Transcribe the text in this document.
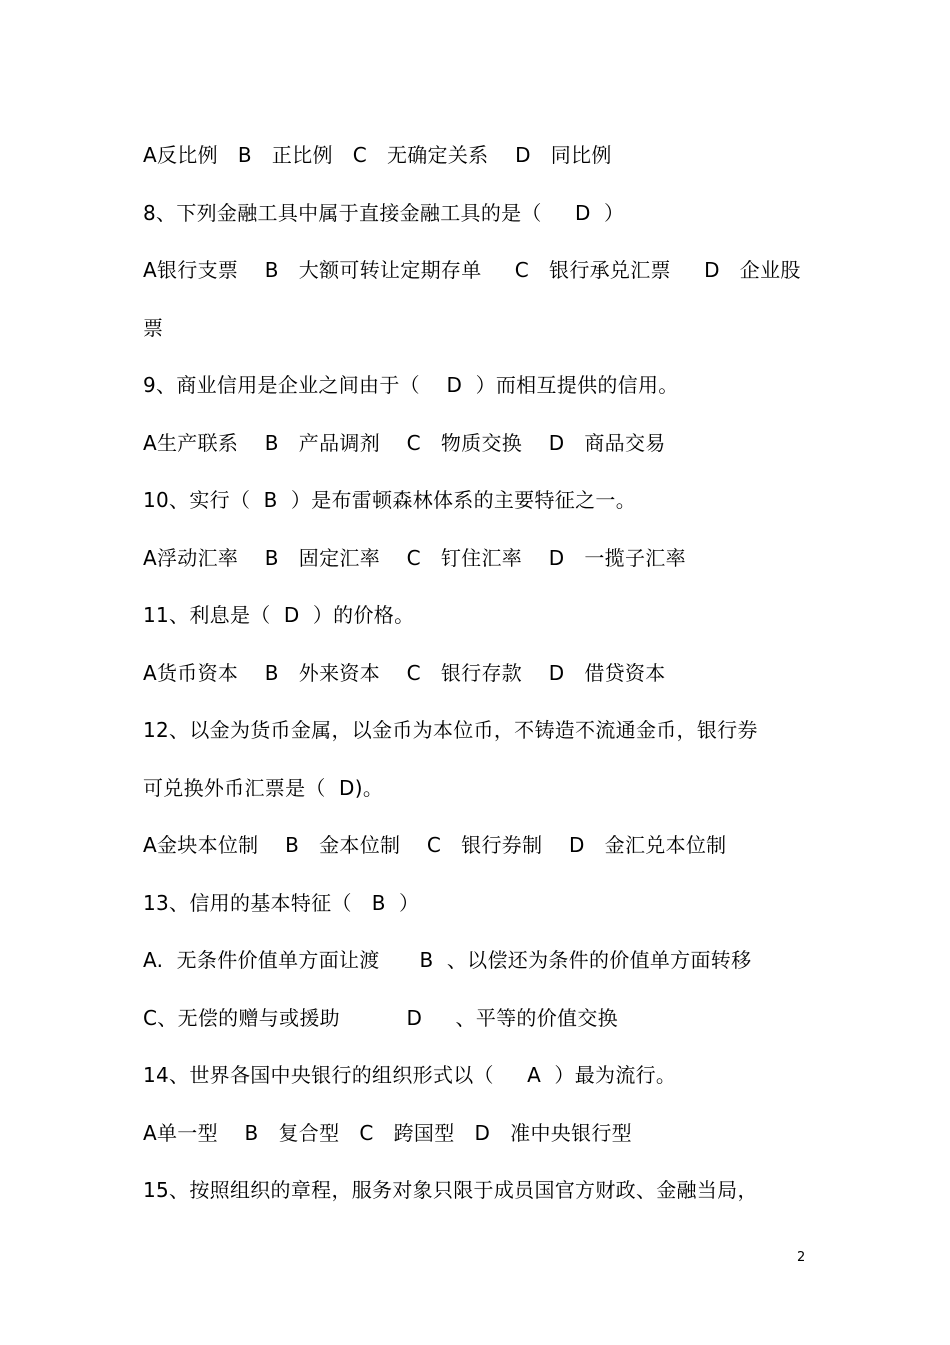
A反比例   B   正比例   C   无确定关系    D   同比例
8、下列金融工具中属于直接金融工具的是（     D  ）
A银行支票    B   大额可转让定期存单     C   银行承兑汇票     D   企业股
票
9、商业信用是企业之间由于（    D  ）而相互提供的信用。
A生产联系    B   产品调剂    C   物质交换    D   商品交易
10、实行（  B  ）是布雷顿森林体系的主要特征之一。
A浮动汇率    B   固定汇率    C   钉住汇率    D   一揽子汇率
11、利息是（  D  ）的价格。
A货币资本    B   外来资本    C   银行存款    D   借贷资本
12、以金为货币金属，以金币为本位币，不铸造不流通金币，银行券
可兑换外币汇票是（  D)。
A金块本位制    B   金本位制    C   银行券制    D   金汇兑本位制
13、信用的基本特征（   B  ）
A.  无条件价值单方面让渡      B  、以偿还为条件的价值单方面转移
C、无偿的赠与或援助          D     、平等的价值交换
14、世界各国中央银行的组织形式以（     A  ）最为流行。
A单一型    B   复合型   C   跨国型   D   准中央银行型
15、按照组织的章程，服务对象只限于成员国官方财政、金融当局，
2
